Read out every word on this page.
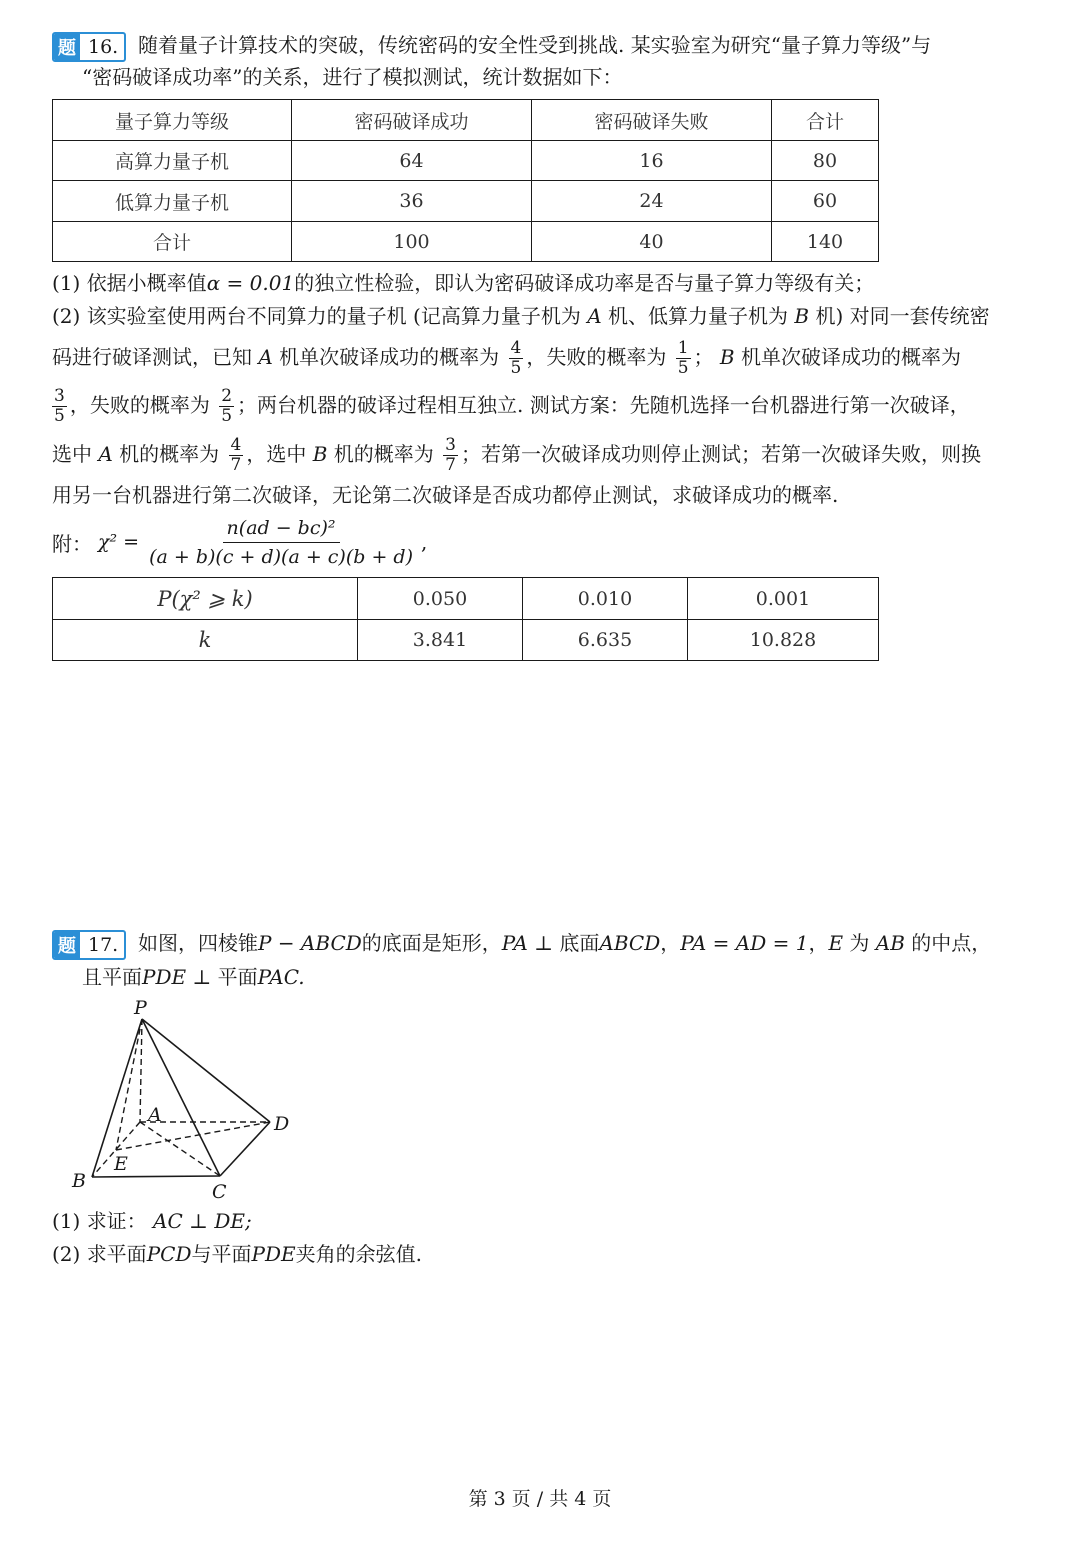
题 16. 随着量子计算技术的突破，传统密码的安全性受到挑战. 某实验室为研究“量子算力等级”与
“密码破译成功率”的关系，进行了模拟测试，统计数据如下：
量子算力等级	密码破译成功	密码破译失败	合计
高算力量子机	64	16	80
低算力量子机	36	24	60
合计	100	40	140
(1) 依据小概率值α = 0.01的独立性检验，即认为密码破译成功率是否与量子算力等级有关；
(2) 该实验室使用两台不同算力的量子机 (记高算力量子机为 A 机、低算力量子机为 B 机) 对同一套传统密
码进行破译测试，已知 A 机单次破译成功的概率为 $\frac{4}{5}$ ，失败的概率为 $\frac{1}{5}$ ； B 机单次破译成功的概率为
$\frac{3}{5}$ ，失败的概率为 $\frac{2}{5}$ ；两台机器的破译过程相互独立. 测试方案：先随机选择一台机器进行第一次破译，
选中 A 机的概率为 $\frac{4}{7}$ ，选中 B 机的概率为 $\frac{3}{7}$ ；若第一次破译成功则停止测试；若第一次破译失败，则换
用另一台机器进行第二次破译，无论第二次破译是否成功都停止测试，求破译成功的概率.
附： $\chi^2 = \frac{\text{n(ad − bc)²}}{(a + b)(c + d)(a + c)(b + d)}$ ,
P(χ² ⩾ k)	0.050	0.010	0.001
k	3.841	6.635	10.828
题 17. 如图，四棱锥P − ABCD的底面是矩形，PA ⊥ 底面ABCD，PA = AD = 1，E 为 AB 的中点，
且平面PDE ⊥ 平面PAC.
P
A
B	C
D
E
(1) 求证： AC ⊥ DE;
(2) 求平面PCD与平面PDE夹角的余弦值.
第 3 页 / 共 4 页
